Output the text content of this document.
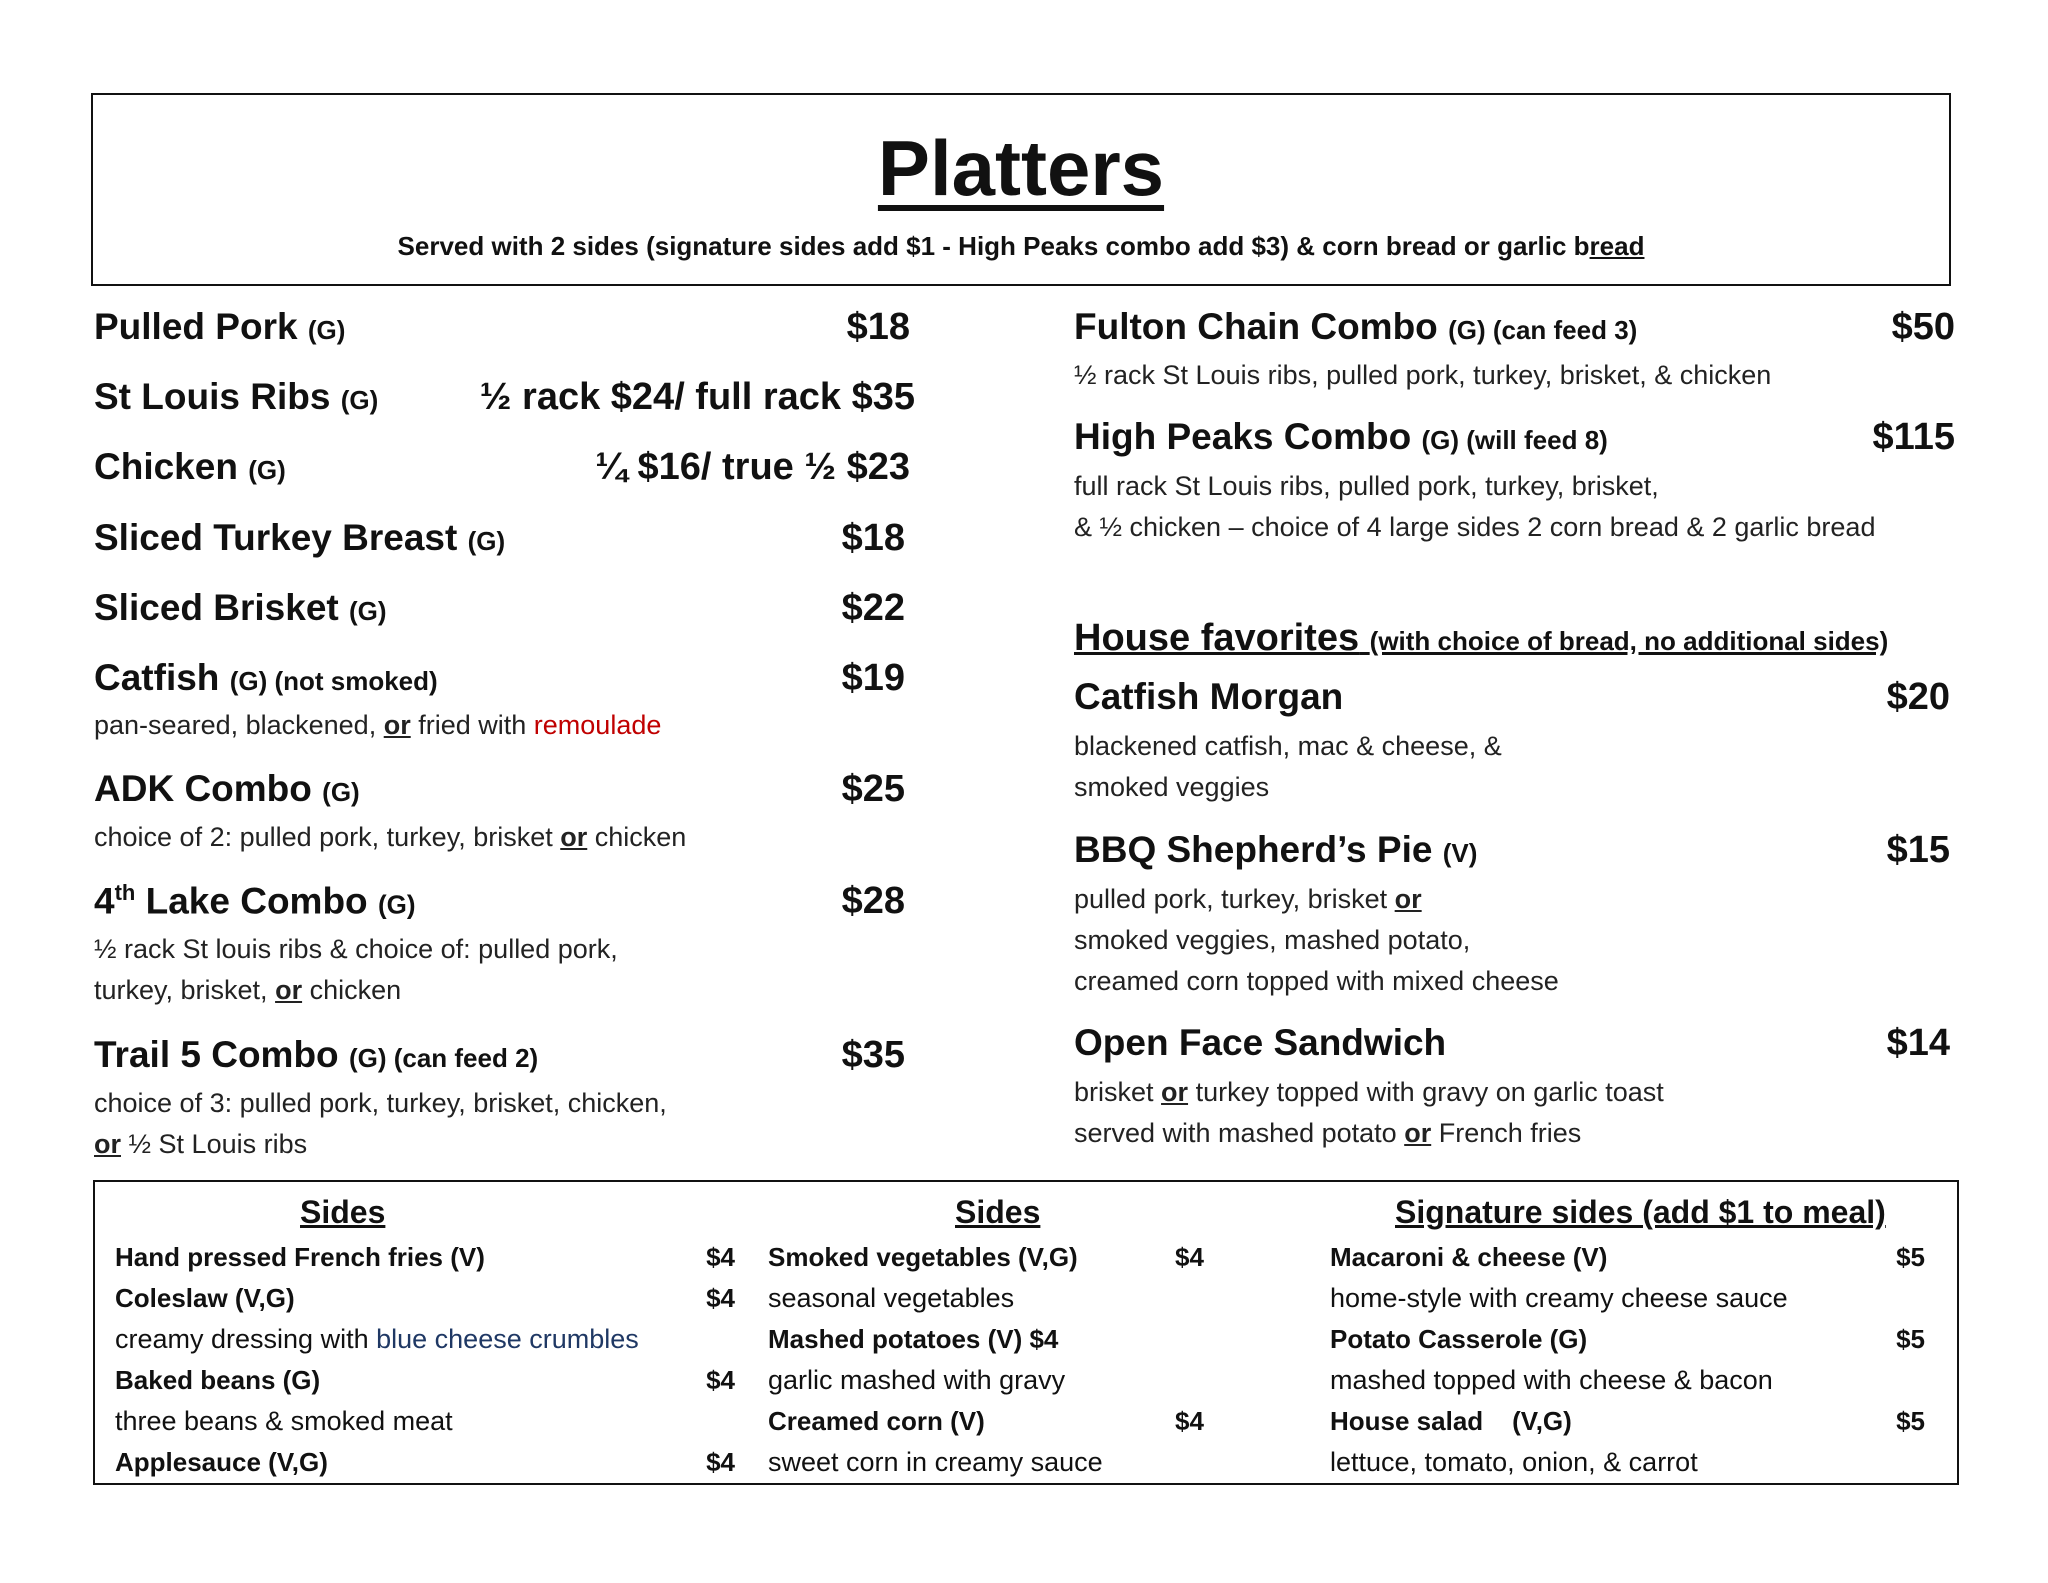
Platters
Served with 2 sides (signature sides add $1 - High Peaks combo add $3) & corn bread or garlic bread
Pulled Pork (G)	$18
St Louis Ribs (G)	½ rack $24/ full rack $35
Chicken (G)	¼ $16/ true ½ $23
Sliced Turkey Breast (G)	$18
Sliced Brisket (G)	$22
Catfish (G) (not smoked)	$19
pan-seared, blackened, or fried with remoulade
ADK Combo (G)	$25
choice of 2: pulled pork, turkey, brisket or chicken
4th Lake Combo (G)	$28
½ rack St louis ribs & choice of: pulled pork,
turkey, brisket, or chicken
Trail 5 Combo (G) (can feed 2)	$35
choice of 3: pulled pork, turkey, brisket, chicken,
or ½ St Louis ribs
Fulton Chain Combo (G) (can feed 3)	$50
½ rack St Louis ribs, pulled pork, turkey, brisket, & chicken
High Peaks Combo (G) (will feed 8)	$115
full rack St Louis ribs, pulled pork, turkey, brisket,
& ½ chicken – choice of 4 large sides 2 corn bread & 2 garlic bread
House favorites (with choice of bread, no additional sides)
Catfish Morgan	$20
blackened catfish, mac & cheese, &
smoked veggies
BBQ Shepherd’s Pie (V)	$15
pulled pork, turkey, brisket or
smoked veggies, mashed potato,
creamed corn topped with mixed cheese
Open Face Sandwich	$14
brisket or turkey topped with gravy on garlic toast
served with mashed potato or French fries
Sides
Hand pressed French fries (V)	$4
Coleslaw (V,G)	$4
creamy dressing with blue cheese crumbles
Baked beans (G)	$4
three beans & smoked meat
Applesauce (V,G)	$4
Sides
Smoked vegetables (V,G)	$4
seasonal vegetables
Mashed potatoes (V) $4
garlic mashed with gravy
Creamed corn (V)	$4
sweet corn in creamy sauce
Signature sides (add $1 to meal)
Macaroni & cheese (V)	$5
home-style with creamy cheese sauce
Potato Casserole (G)	$5
mashed topped with cheese & bacon
House salad (V,G)	$5
lettuce, tomato, onion, & carrot
